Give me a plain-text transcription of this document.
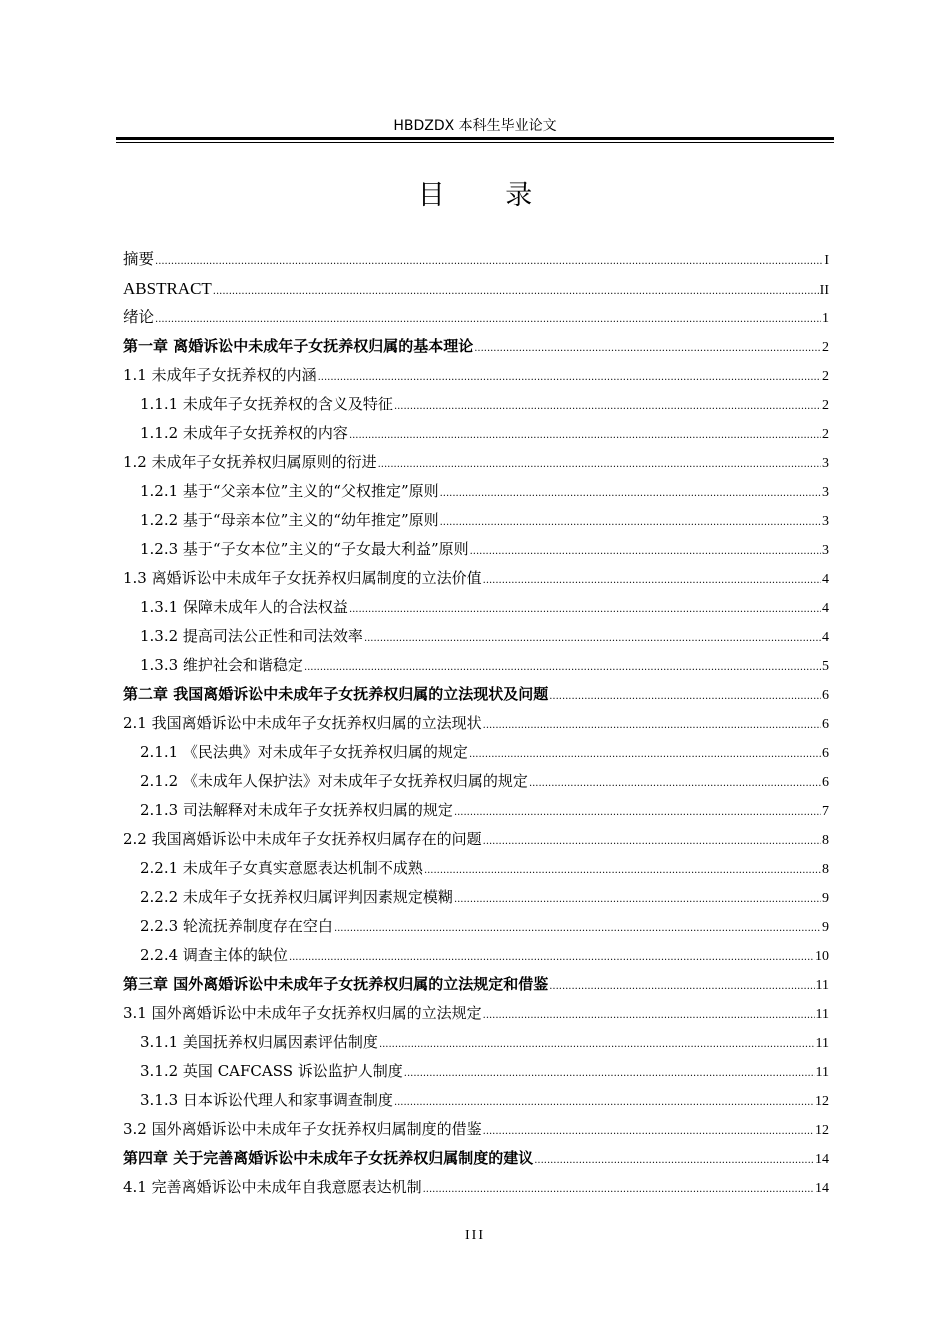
HBDZDX 本科生毕业论文
目 录
摘要 .....	I
ABSTRACT .....	II
绪论 .....	1
第一章 离婚诉讼中未成年子女抚养权归属的基本理论 .....	2
1.1 未成年子女抚养权的内涵 .....	2
1.1.1 未成年子女抚养权的含义及特征 .....	2
1.1.2 未成年子女抚养权的内容 .....	2
1.2 未成年子女抚养权归属原则的衍进 .....	3
1.2.1 基于“父亲本位”主义的“父权推定”原则 .....	3
1.2.2 基于“母亲本位”主义的“幼年推定”原则 .....	3
1.2.3 基于“子女本位”主义的“子女最大利益”原则 .....	3
1.3 离婚诉讼中未成年子女抚养权归属制度的立法价值 .....	4
1.3.1 保障未成年人的合法权益 .....	4
1.3.2 提高司法公正性和司法效率 .....	4
1.3.3 维护社会和谐稳定 .....	5
第二章 我国离婚诉讼中未成年子女抚养权归属的立法现状及问题 .....	6
2.1 我国离婚诉讼中未成年子女抚养权归属的立法现状 .....	6
2.1.1 《民法典》对未成年子女抚养权归属的规定 .....	6
2.1.2 《未成年人保护法》对未成年子女抚养权归属的规定 .....	6
2.1.3 司法解释对未成年子女抚养权归属的规定 .....	7
2.2 我国离婚诉讼中未成年子女抚养权归属存在的问题 .....	8
2.2.1 未成年子女真实意愿表达机制不成熟 .....	8
2.2.2 未成年子女抚养权归属评判因素规定模糊 .....	9
2.2.3 轮流抚养制度存在空白 .....	9
2.2.4 调查主体的缺位 .....	10
第三章 国外离婚诉讼中未成年子女抚养权归属的立法规定和借鉴 .....	11
3.1 国外离婚诉讼中未成年子女抚养权归属的立法规定 .....	11
3.1.1 美国抚养权归属因素评估制度 .....	11
3.1.2 英国 CAFCASS 诉讼监护人制度 .....	11
3.1.3 日本诉讼代理人和家事调查制度 .....	12
3.2 国外离婚诉讼中未成年子女抚养权归属制度的借鉴 .....	12
第四章 关于完善离婚诉讼中未成年子女抚养权归属制度的建议 .....	14
4.1 完善离婚诉讼中未成年自我意愿表达机制 .....	14
III
